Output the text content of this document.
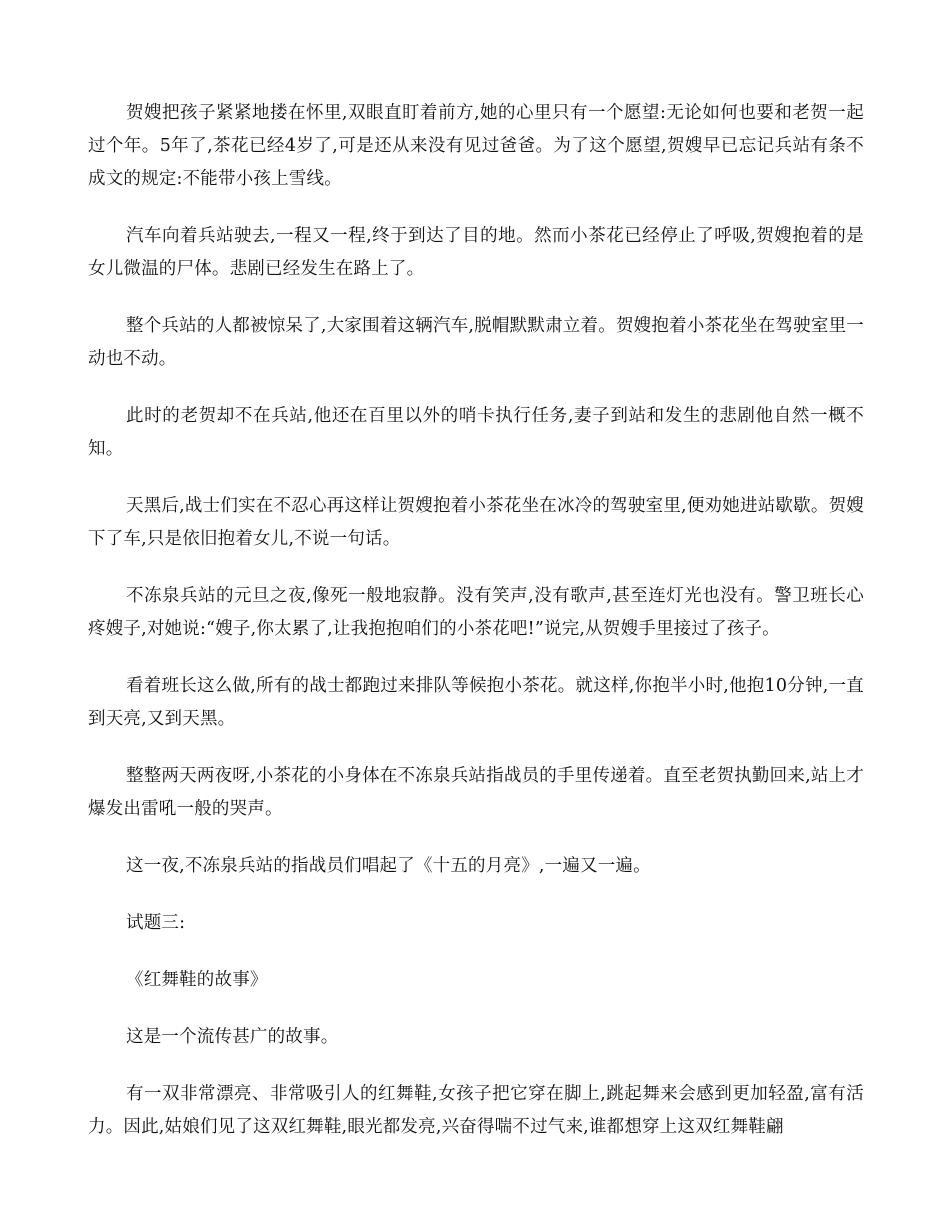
贺嫂把孩子紧紧地搂在怀里,双眼直盯着前方,她的心里只有一个愿望:无论如何也要和老贺一起过个年。5年了,茶花已经4岁了,可是还从来没有见过爸爸。为了这个愿望,贺嫂早已忘记兵站有条不成文的规定:不能带小孩上雪线。

汽车向着兵站驶去,一程又一程,终于到达了目的地。然而小茶花已经停止了呼吸,贺嫂抱着的是女儿微温的尸体。悲剧已经发生在路上了。

整个兵站的人都被惊呆了,大家围着这辆汽车,脱帽默默肃立着。贺嫂抱着小茶花坐在驾驶室里一动也不动。

此时的老贺却不在兵站,他还在百里以外的哨卡执行任务,妻子到站和发生的悲剧他自然一概不知。

天黑后,战士们实在不忍心再这样让贺嫂抱着小茶花坐在冰冷的驾驶室里,便劝她进站歇歇。贺嫂下了车,只是依旧抱着女儿,不说一句话。

不冻泉兵站的元旦之夜,像死一般地寂静。没有笑声,没有歌声,甚至连灯光也没有。警卫班长心疼嫂子,对她说:“嫂子,你太累了,让我抱抱咱们的小茶花吧!”说完,从贺嫂手里接过了孩子。

看着班长这么做,所有的战士都跑过来排队等候抱小茶花。就这样,你抱半小时,他抱10分钟,一直到天亮,又到天黑。

整整两天两夜呀,小茶花的小身体在不冻泉兵站指战员的手里传递着。直至老贺执勤回来,站上才爆发出雷吼一般的哭声。

这一夜,不冻泉兵站的指战员们唱起了《十五的月亮》,一遍又一遍。

试题三:

《红舞鞋的故事》

这是一个流传甚广的故事。

有一双非常漂亮、非常吸引人的红舞鞋,女孩子把它穿在脚上,跳起舞来会感到更加轻盈,富有活力。因此,姑娘们见了这双红舞鞋,眼光都发亮,兴奋得喘不过气来,谁都想穿上这双红舞鞋翩
